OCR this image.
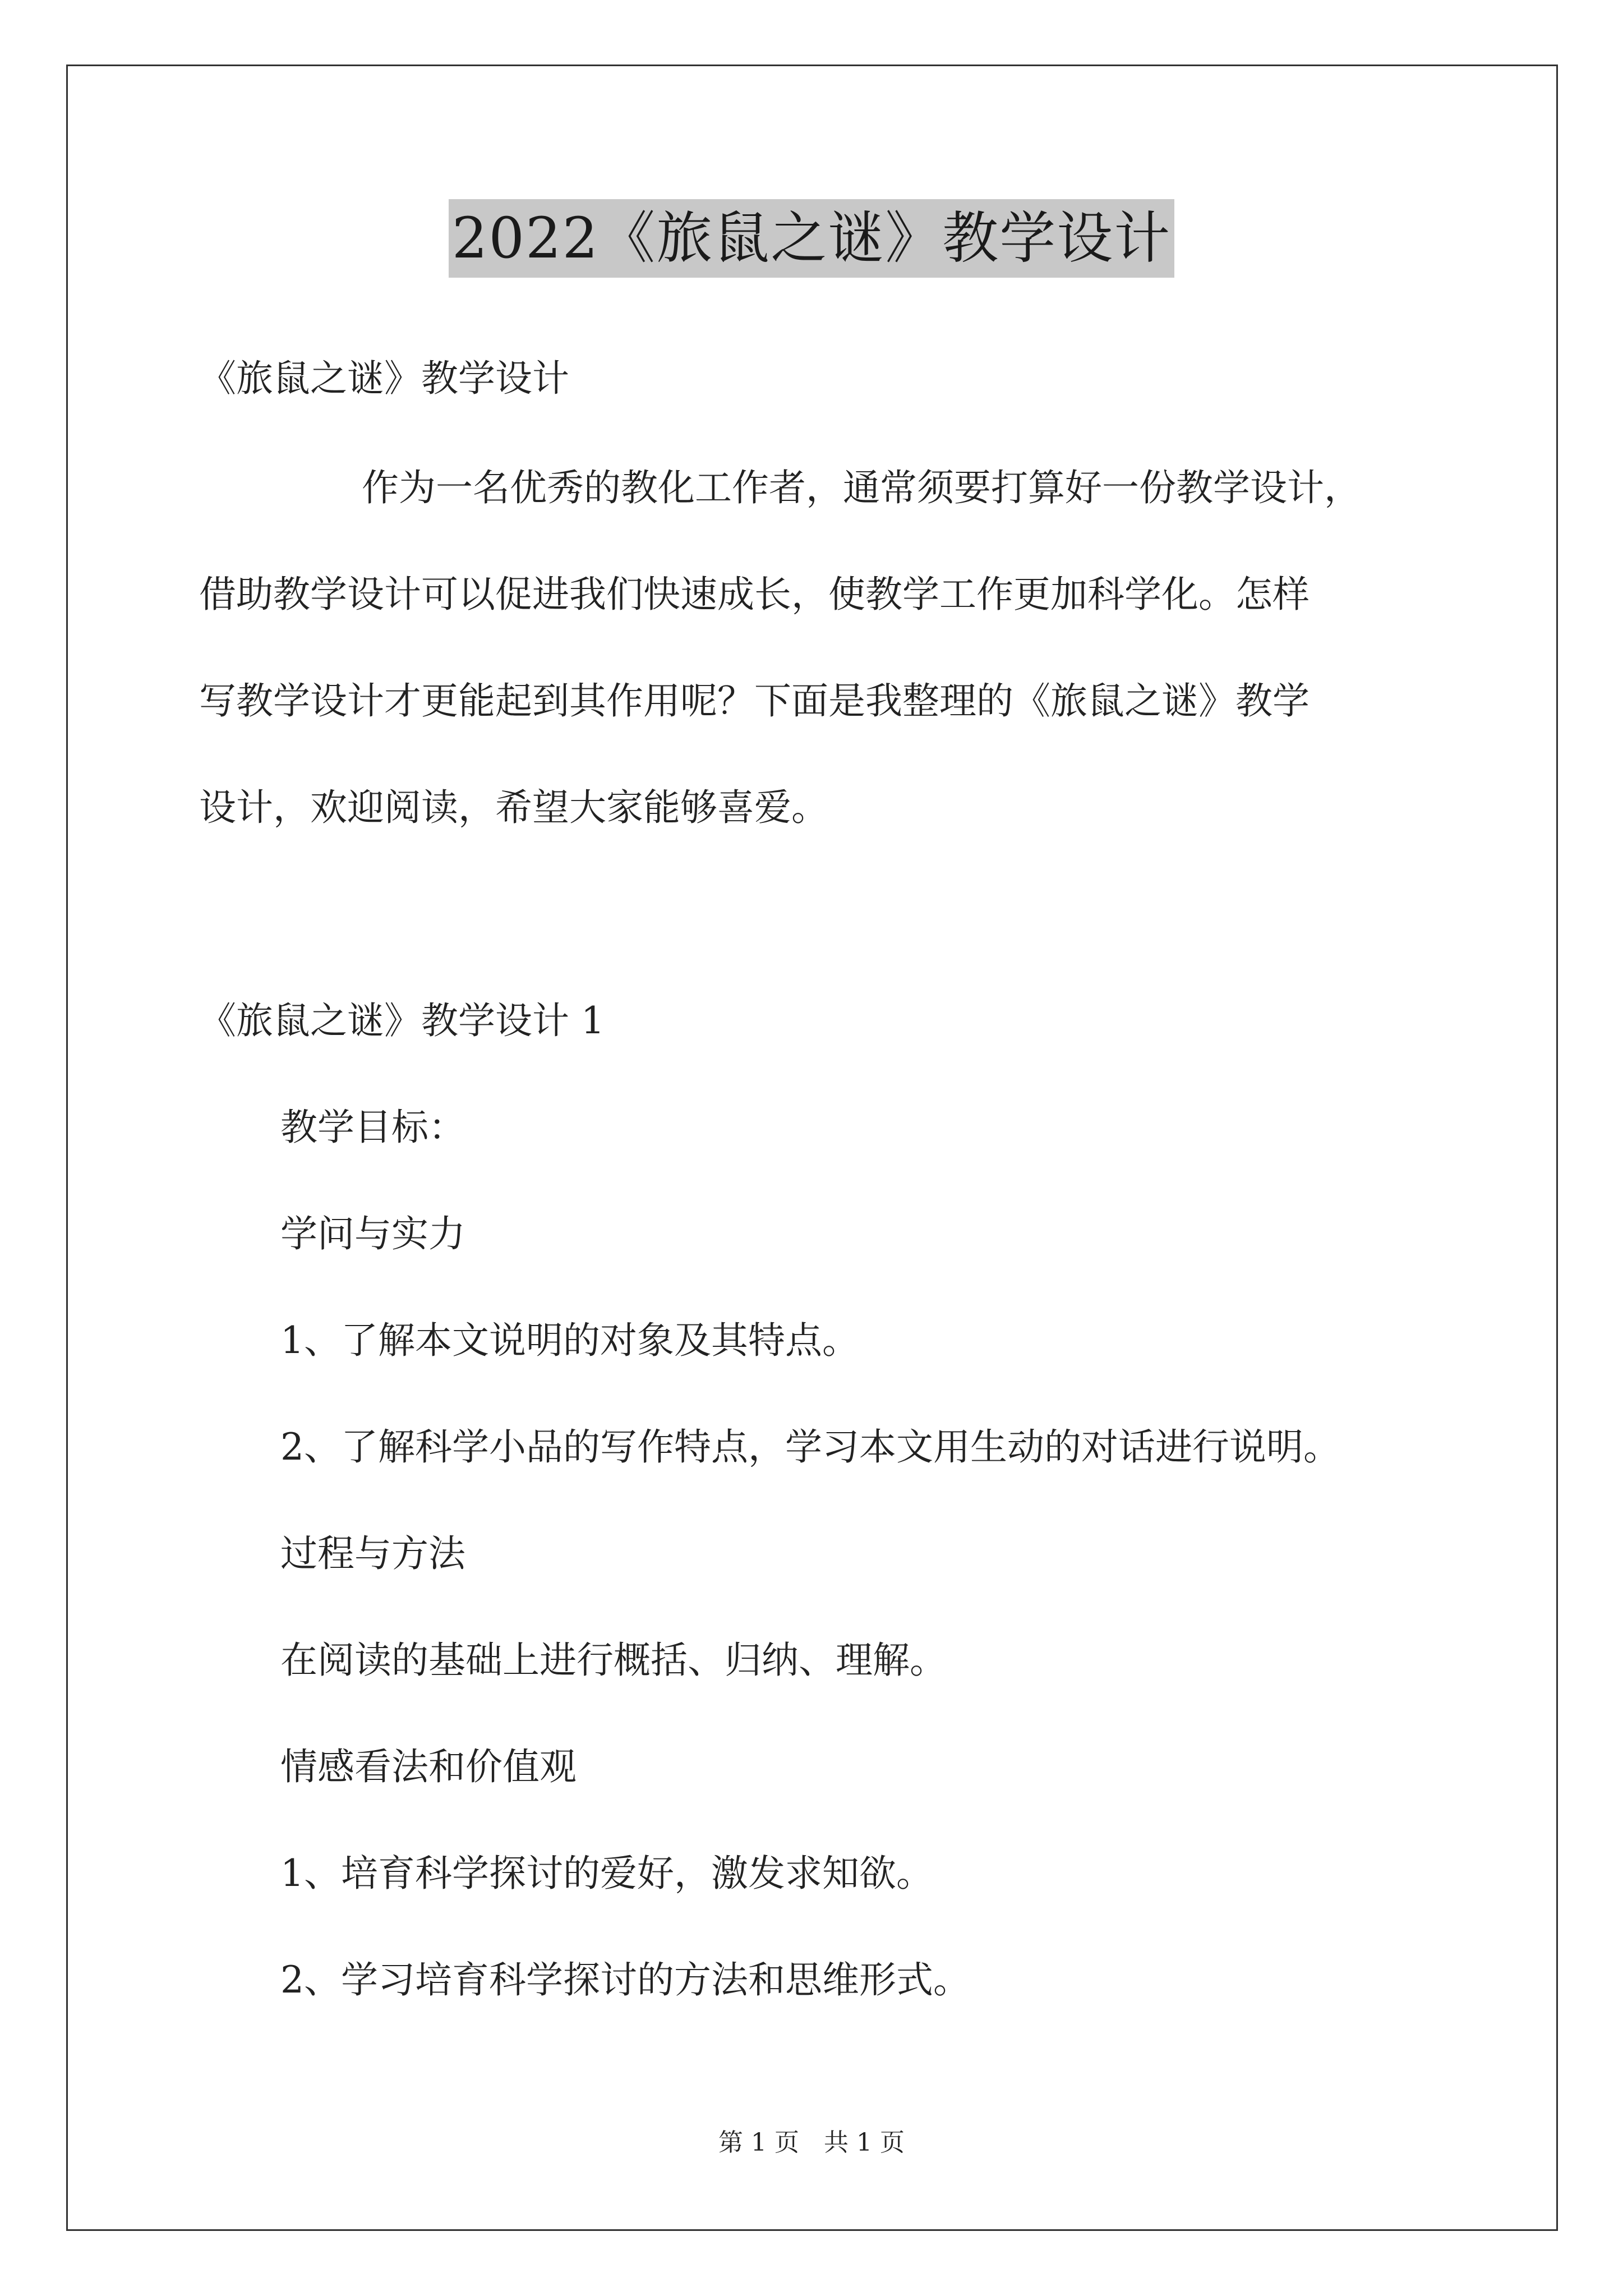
2022《旅鼠之谜》教学设计
《旅鼠之谜》教学设计
作为一名优秀的教化工作者，通常须要打算好一份教学设计，
借助教学设计可以促进我们快速成长，使教学工作更加科学化。怎样
写教学设计才更能起到其作用呢？下面是我整理的《旅鼠之谜》教学
设计，欢迎阅读，希望大家能够喜爱。
《旅鼠之谜》教学设计 1
教学目标：
学问与实力
1、了解本文说明的对象及其特点。
2、了解科学小品的写作特点，学习本文用生动的对话进行说明。
过程与方法
在阅读的基础上进行概括、归纳、理解。
情感看法和价值观
1、培育科学探讨的爱好，激发求知欲。
2、学习培育科学探讨的方法和思维形式。
第 1 页　共 1 页
